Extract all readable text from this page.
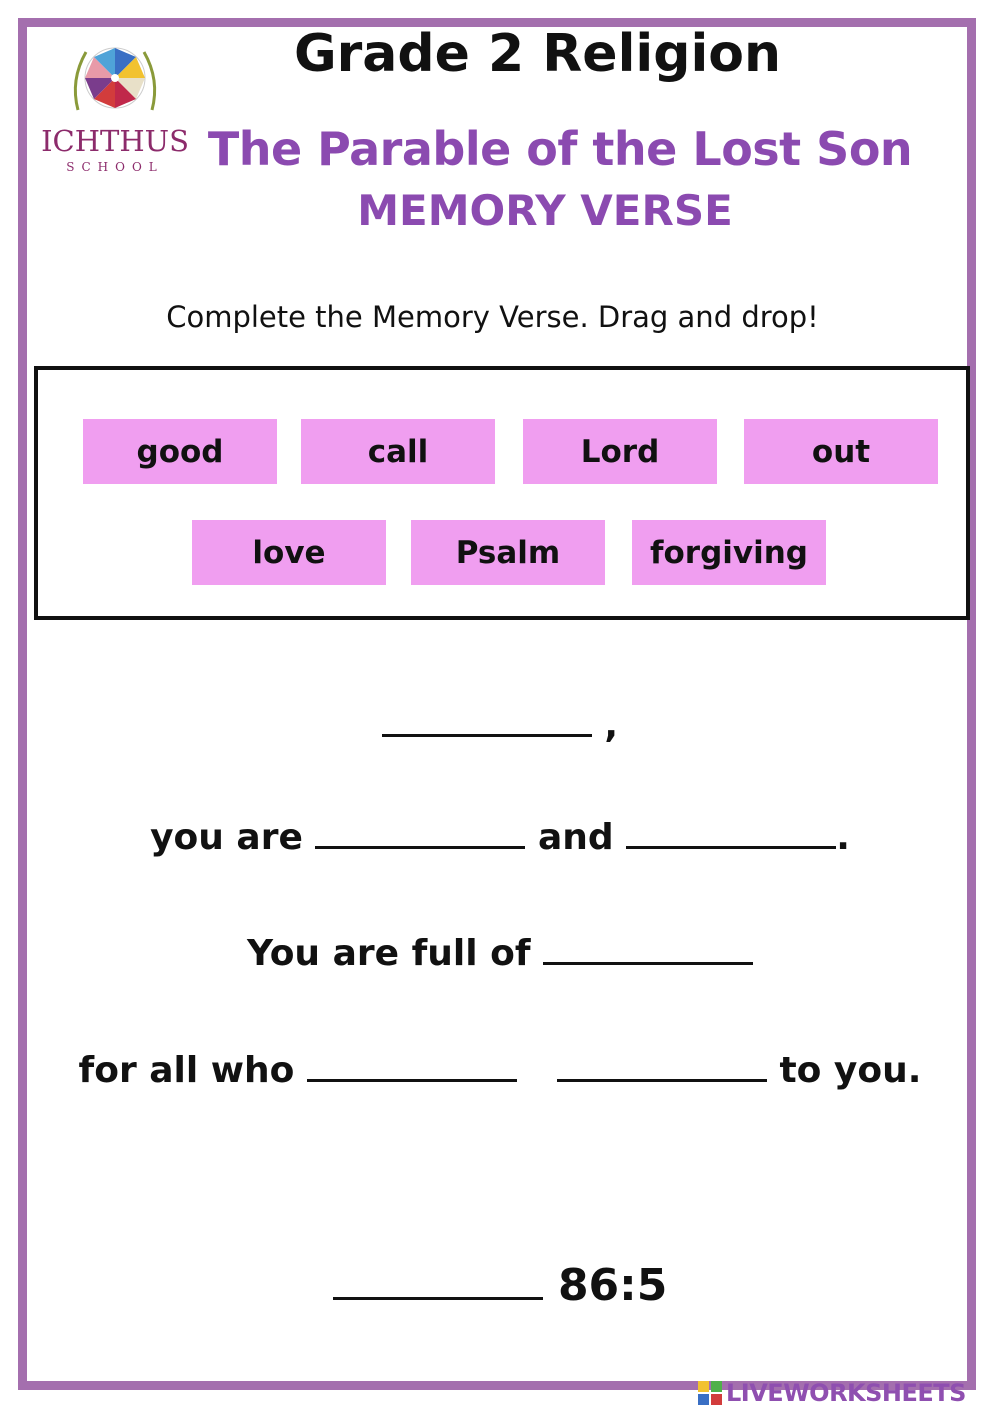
ICHTHUS
SCHOOL
Grade 2 Religion
The Parable of the Lost Son
MEMORY VERSE
Complete the Memory Verse. Drag and drop!
good	call	Lord	out
love	Psalm	forgiving
,
you are	and	.
You are full of
for all who	to you.
86:5
LIVEWORKSHEETS
